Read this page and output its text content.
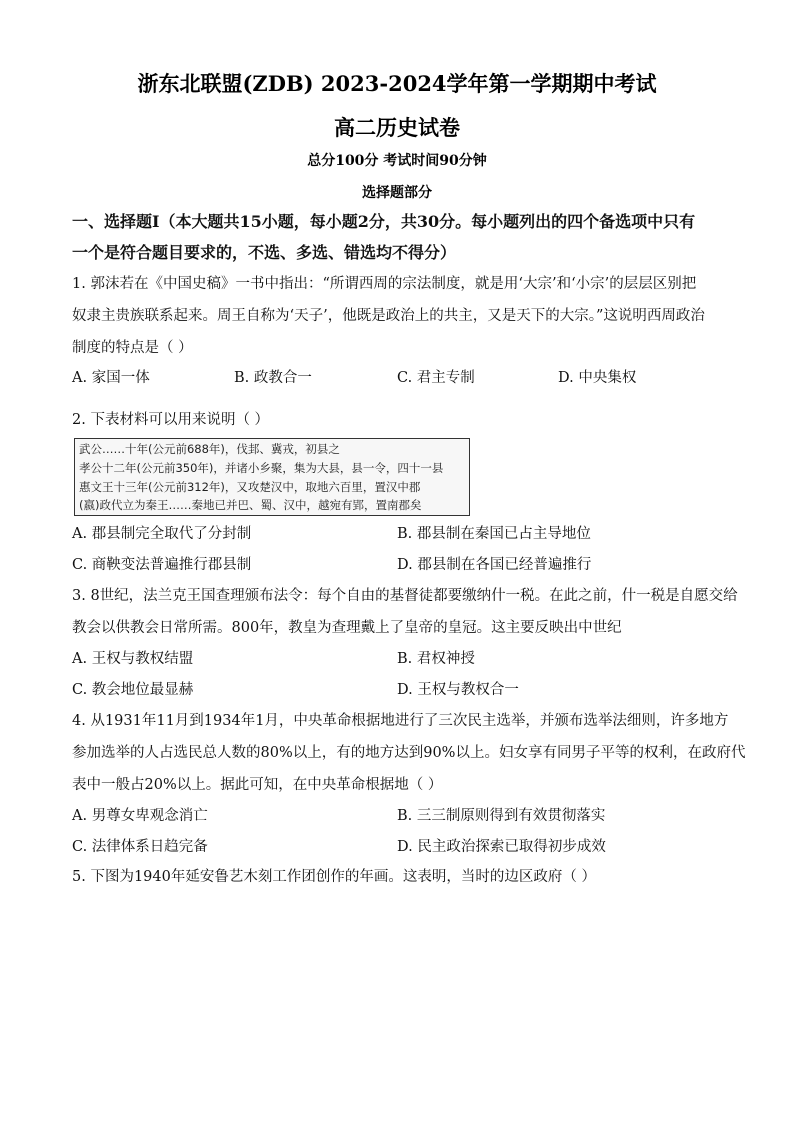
浙东北联盟(ZDB) 2023-2024学年第一学期期中考试
高二历史试卷
总分100分 考试时间90分钟
选择题部分
一、选择题Ⅰ（本大题共15小题，每小题2分，共30分。每小题列出的四个备选项中只有
一个是符合题目要求的，不选、多选、错选均不得分）
1. 郭沫若在《中国史稿》一书中指出：“所谓西周的宗法制度，就是用‘大宗’和‘小宗’的层层区别把
奴隶主贵族联系起来。周王自称为‘天子’，他既是政治上的共主，又是天下的大宗。”这说明西周政治
制度的特点是（ ）
A. 家国一体	B. 政教合一	C. 君主专制	D. 中央集权
2. 下表材料可以用来说明（ ）
武公……十年(公元前688年)，伐邽、冀戎，初县之
孝公十二年(公元前350年)，并诸小乡聚，集为大县，县一令，四十一县
惠文王十三年(公元前312年)，又攻楚汉中，取地六百里，置汉中郡
(嬴)政代立为秦王……秦地已并巴、蜀、汉中，越宛有郢，置南郡矣
A. 郡县制完全取代了分封制	B. 郡县制在秦国已占主导地位
C. 商鞅变法普遍推行郡县制	D. 郡县制在各国已经普遍推行
3. 8世纪，法兰克王国查理颁布法令：每个自由的基督徒都要缴纳什一税。在此之前，什一税是自愿交给
教会以供教会日常所需。800年，教皇为查理戴上了皇帝的皇冠。这主要反映出中世纪
A. 王权与教权结盟	B. 君权神授
C. 教会地位最显赫	D. 王权与教权合一
4. 从1931年11月到1934年1月，中央革命根据地进行了三次民主选举，并颁布选举法细则，许多地方
参加选举的人占选民总人数的80%以上，有的地方达到90%以上。妇女享有同男子平等的权利，在政府代
表中一般占20%以上。据此可知，在中央革命根据地（ ）
A. 男尊女卑观念消亡	B. 三三制原则得到有效贯彻落实
C. 法律体系日趋完备	D. 民主政治探索已取得初步成效
5. 下图为1940年延安鲁艺木刻工作团创作的年画。这表明，当时的边区政府（ ）
